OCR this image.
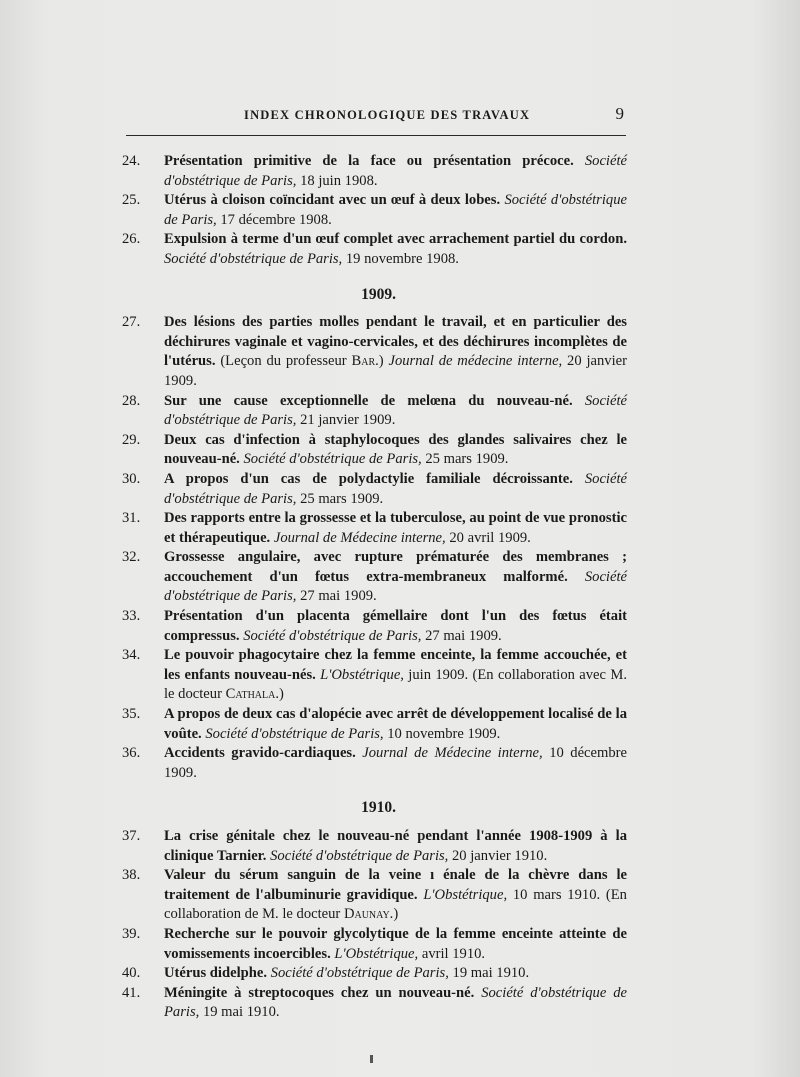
INDEX CHRONOLOGIQUE DES TRAVAUX	9
24.	Présentation primitive de la face ou présentation précoce. Société d'obstétrique de Paris, 18 juin 1908.
25.	Utérus à cloison coïncidant avec un œuf à deux lobes. Société d'obstétrique de Paris, 17 décembre 1908.
26.	Expulsion à terme d'un œuf complet avec arrachement partiel du cordon. Société d'obstétrique de Paris, 19 novembre 1908.
1909.
27.	Des lésions des parties molles pendant le travail, et en particulier des déchirures vaginale et vagino-cervicales, et des déchirures incomplètes de l'utérus. (Leçon du professeur Bar.) Journal de médecine interne, 20 janvier 1909.
28.	Sur une cause exceptionnelle de melœna du nouveau-né. Société d'obstétrique de Paris, 21 janvier 1909.
29.	Deux cas d'infection à staphylocoques des glandes salivaires chez le nouveau-né. Société d'obstétrique de Paris, 25 mars 1909.
30.	A propos d'un cas de polydactylie familiale décroissante. Société d'obstétrique de Paris, 25 mars 1909.
31.	Des rapports entre la grossesse et la tuberculose, au point de vue pronostic et thérapeutique. Journal de Médecine interne, 20 avril 1909.
32.	Grossesse angulaire, avec rupture prématurée des membranes ; accouchement d'un fœtus extra-membraneux malformé. Société d'obstétrique de Paris, 27 mai 1909.
33.	Présentation d'un placenta gémellaire dont l'un des fœtus était compressus. Société d'obstétrique de Paris, 27 mai 1909.
34.	Le pouvoir phagocytaire chez la femme enceinte, la femme accouchée, et les enfants nouveau-nés. L'Obstétrique, juin 1909. (En collaboration avec M. le docteur Cathala.)
35.	A propos de deux cas d'alopécie avec arrêt de développement localisé de la voûte. Société d'obstétrique de Paris, 10 novembre 1909.
36.	Accidents gravido-cardiaques. Journal de Médecine interne, 10 décembre 1909.
1910.
37.	La crise génitale chez le nouveau-né pendant l'année 1908-1909 à la clinique Tarnier. Société d'obstétrique de Paris, 20 janvier 1910.
38.	Valeur du sérum sanguin de la veine ı énale de la chèvre dans le traitement de l'albuminurie gravidique. L'Obstétrique, 10 mars 1910. (En collaboration de M. le docteur Daunay.)
39.	Recherche sur le pouvoir glycolytique de la femme enceinte atteinte de vomissements incoercibles. L'Obstétrique, avril 1910.
40.	Utérus didelphe. Société d'obstétrique de Paris, 19 mai 1910.
41.	Méningite à streptocoques chez un nouveau-né. Société d'obstétrique de Paris, 19 mai 1910.
